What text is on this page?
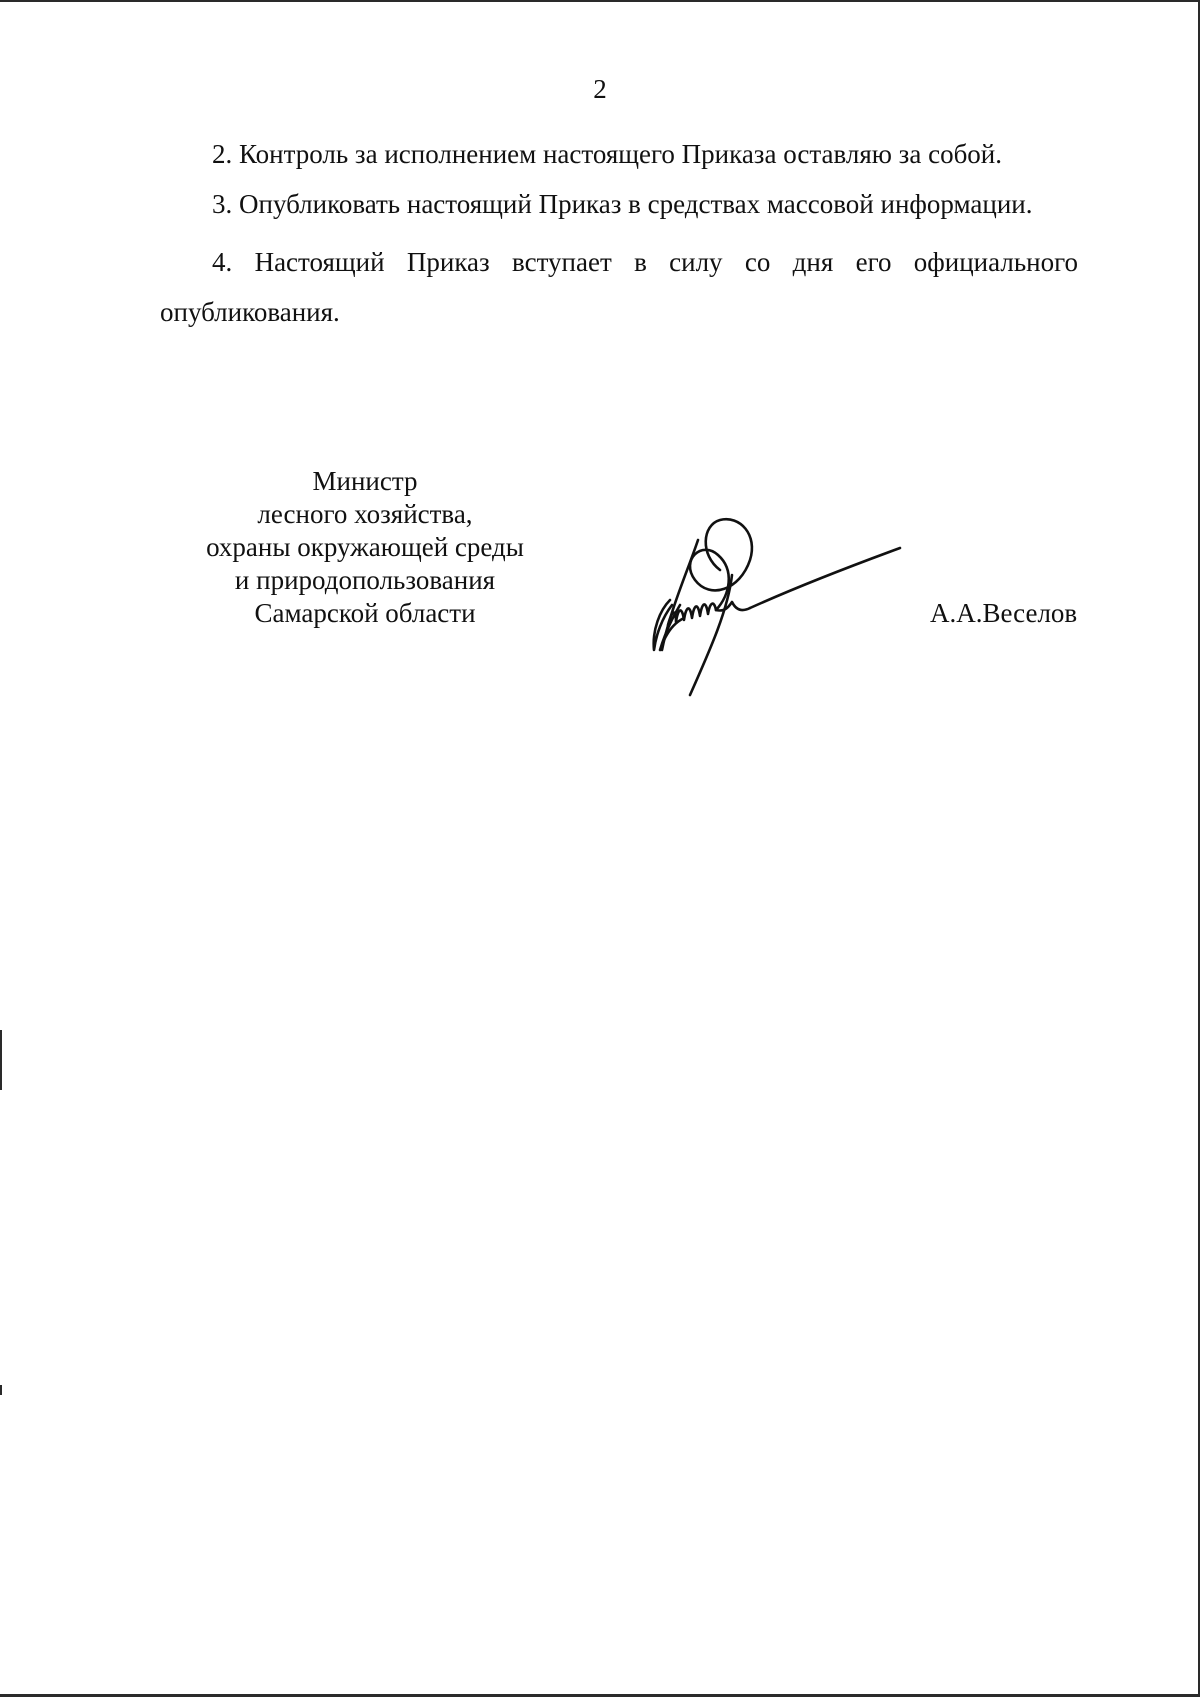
2

2. Контроль за исполнением настоящего Приказа оставляю за собой.

3. Опубликовать настоящий Приказ в средствах массовой информации.

4. Настоящий Приказ вступает в силу со дня его официального опубликования.

Министр
лесного хозяйства,
охраны окружающей среды
и природопользования
Самарской области	А.А.Веселов
